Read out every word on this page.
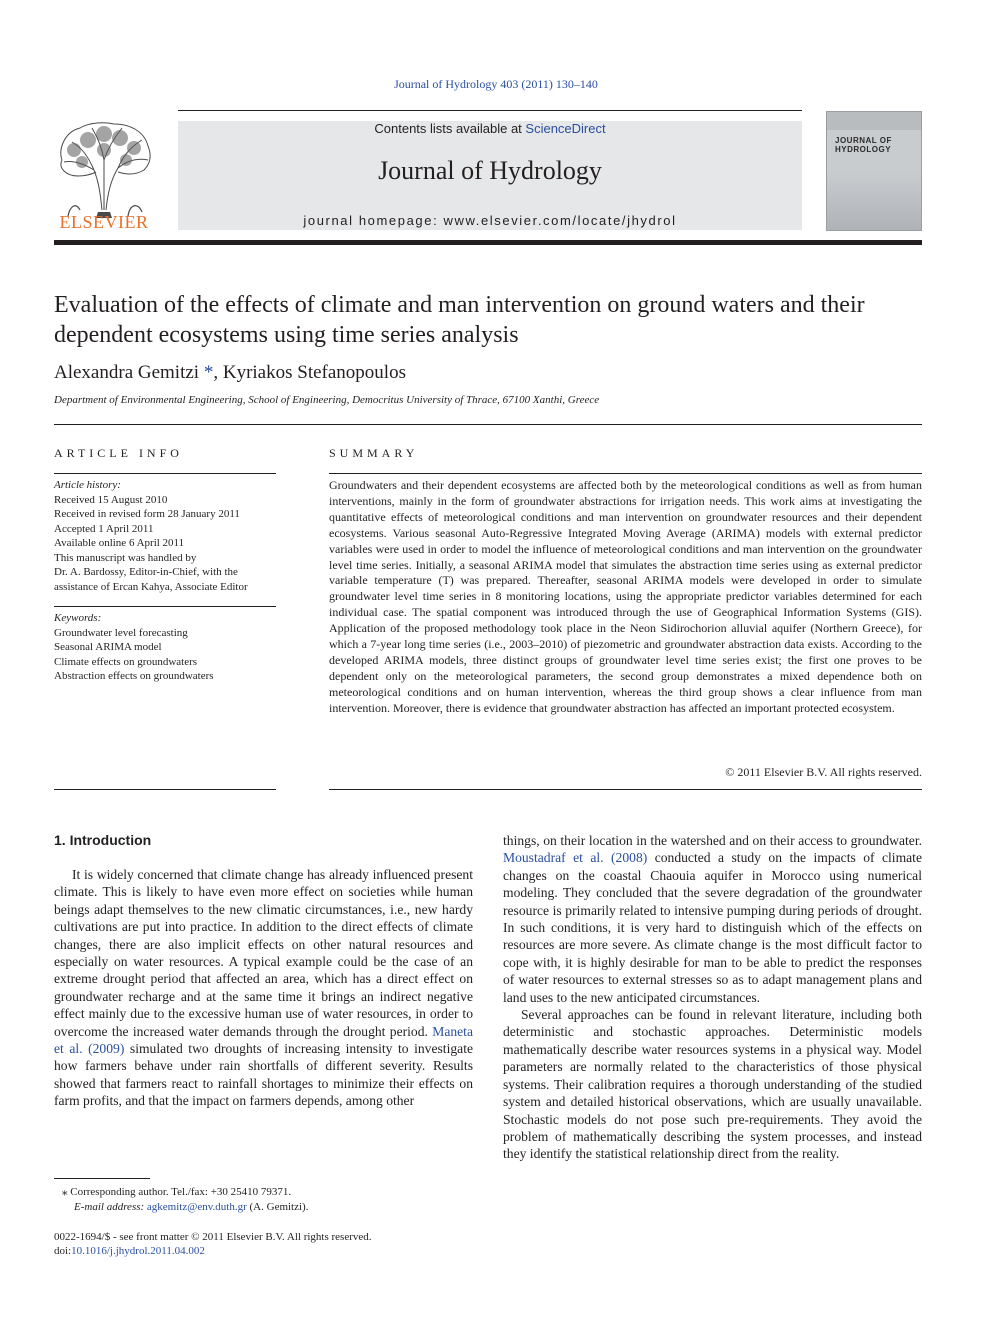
Journal of Hydrology 403 (2011) 130–140
ELSEVIER
Contents lists available at ScienceDirect
Journal of Hydrology
journal homepage: www.elsevier.com/locate/jhydrol
JOURNAL OF HYDROLOGY
Evaluation of the effects of climate and man intervention on ground waters and their dependent ecosystems using time series analysis
Alexandra Gemitzi *, Kyriakos Stefanopoulos
Department of Environmental Engineering, School of Engineering, Democritus University of Thrace, 67100 Xanthi, Greece
ARTICLE INFO
Article history:
Received 15 August 2010
Received in revised form 28 January 2011
Accepted 1 April 2011
Available online 6 April 2011
This manuscript was handled by
Dr. A. Bardossy, Editor-in-Chief, with the
assistance of Ercan Kahya, Associate Editor
Keywords:
Groundwater level forecasting
Seasonal ARIMA model
Climate effects on groundwaters
Abstraction effects on groundwaters
SUMMARY
Groundwaters and their dependent ecosystems are affected both by the meteorological conditions as well as from human interventions, mainly in the form of groundwater abstractions for irrigation needs. This work aims at investigating the quantitative effects of meteorological conditions and man intervention on groundwater resources and their dependent ecosystems. Various seasonal Auto-Regressive Integrated Moving Average (ARIMA) models with external predictor variables were used in order to model the influence of meteorological conditions and man intervention on the groundwater level time series. Initially, a seasonal ARIMA model that simulates the abstraction time series using as external predictor variable temperature (T) was prepared. Thereafter, seasonal ARIMA models were developed in order to simulate groundwater level time series in 8 monitoring locations, using the appropriate predictor variables determined for each individual case. The spatial component was introduced through the use of Geographical Information Systems (GIS). Application of the proposed methodology took place in the Neon Sidirochorion alluvial aquifer (Northern Greece), for which a 7-year long time series (i.e., 2003–2010) of piezometric and groundwater abstraction data exists. According to the developed ARIMA models, three distinct groups of groundwater level time series exist; the first one proves to be dependent only on the meteorological parameters, the second group demonstrates a mixed dependence both on meteorological conditions and on human intervention, whereas the third group shows a clear influence from man intervention. Moreover, there is evidence that groundwater abstraction has affected an important protected ecosystem.
© 2011 Elsevier B.V. All rights reserved.
1. Introduction

It is widely concerned that climate change has already influenced present climate. This is likely to have even more effect on societies while human beings adapt themselves to the new climatic circumstances, i.e., new hardy cultivations are put into practice. In addition to the direct effects of climate changes, there are also implicit effects on other natural resources and especially on water resources. A typical example could be the case of an extreme drought period that affected an area, which has a direct effect on groundwater recharge and at the same time it brings an indirect negative effect mainly due to the excessive human use of water resources, in order to overcome the increased water demands through the drought period. Maneta et al. (2009) simulated two droughts of increasing intensity to investigate how farmers behave under rain shortfalls of different severity. Results showed that farmers react to rainfall shortages to minimize their effects on farm profits, and that the impact on farmers depends, among other

things, on their location in the watershed and on their access to groundwater. Moustadraf et al. (2008) conducted a study on the impacts of climate changes on the coastal Chaouia aquifer in Morocco using numerical modeling. They concluded that the severe degradation of the groundwater resource is primarily related to intensive pumping during periods of drought. In such conditions, it is very hard to distinguish which of the effects on resources are more severe. As climate change is the most difficult factor to cope with, it is highly desirable for man to be able to predict the responses of water resources to external stresses so as to adapt management plans and land uses to the new anticipated circumstances.

Several approaches can be found in relevant literature, including both deterministic and stochastic approaches. Deterministic models mathematically describe water resources systems in a physical way. Model parameters are normally related to the characteristics of those physical systems. Their calibration requires a thorough understanding of the studied system and detailed historical observations, which are usually unavailable. Stochastic models do not pose such pre-requirements. They avoid the problem of mathematically describing the system processes, and instead they identify the statistical relationship direct from the reality.

⁎ Corresponding author. Tel./fax: +30 25410 79371.
E-mail address: agkemitz@env.duth.gr (A. Gemitzi).
0022-1694/$ - see front matter © 2011 Elsevier B.V. All rights reserved.
doi:10.1016/j.jhydrol.2011.04.002
